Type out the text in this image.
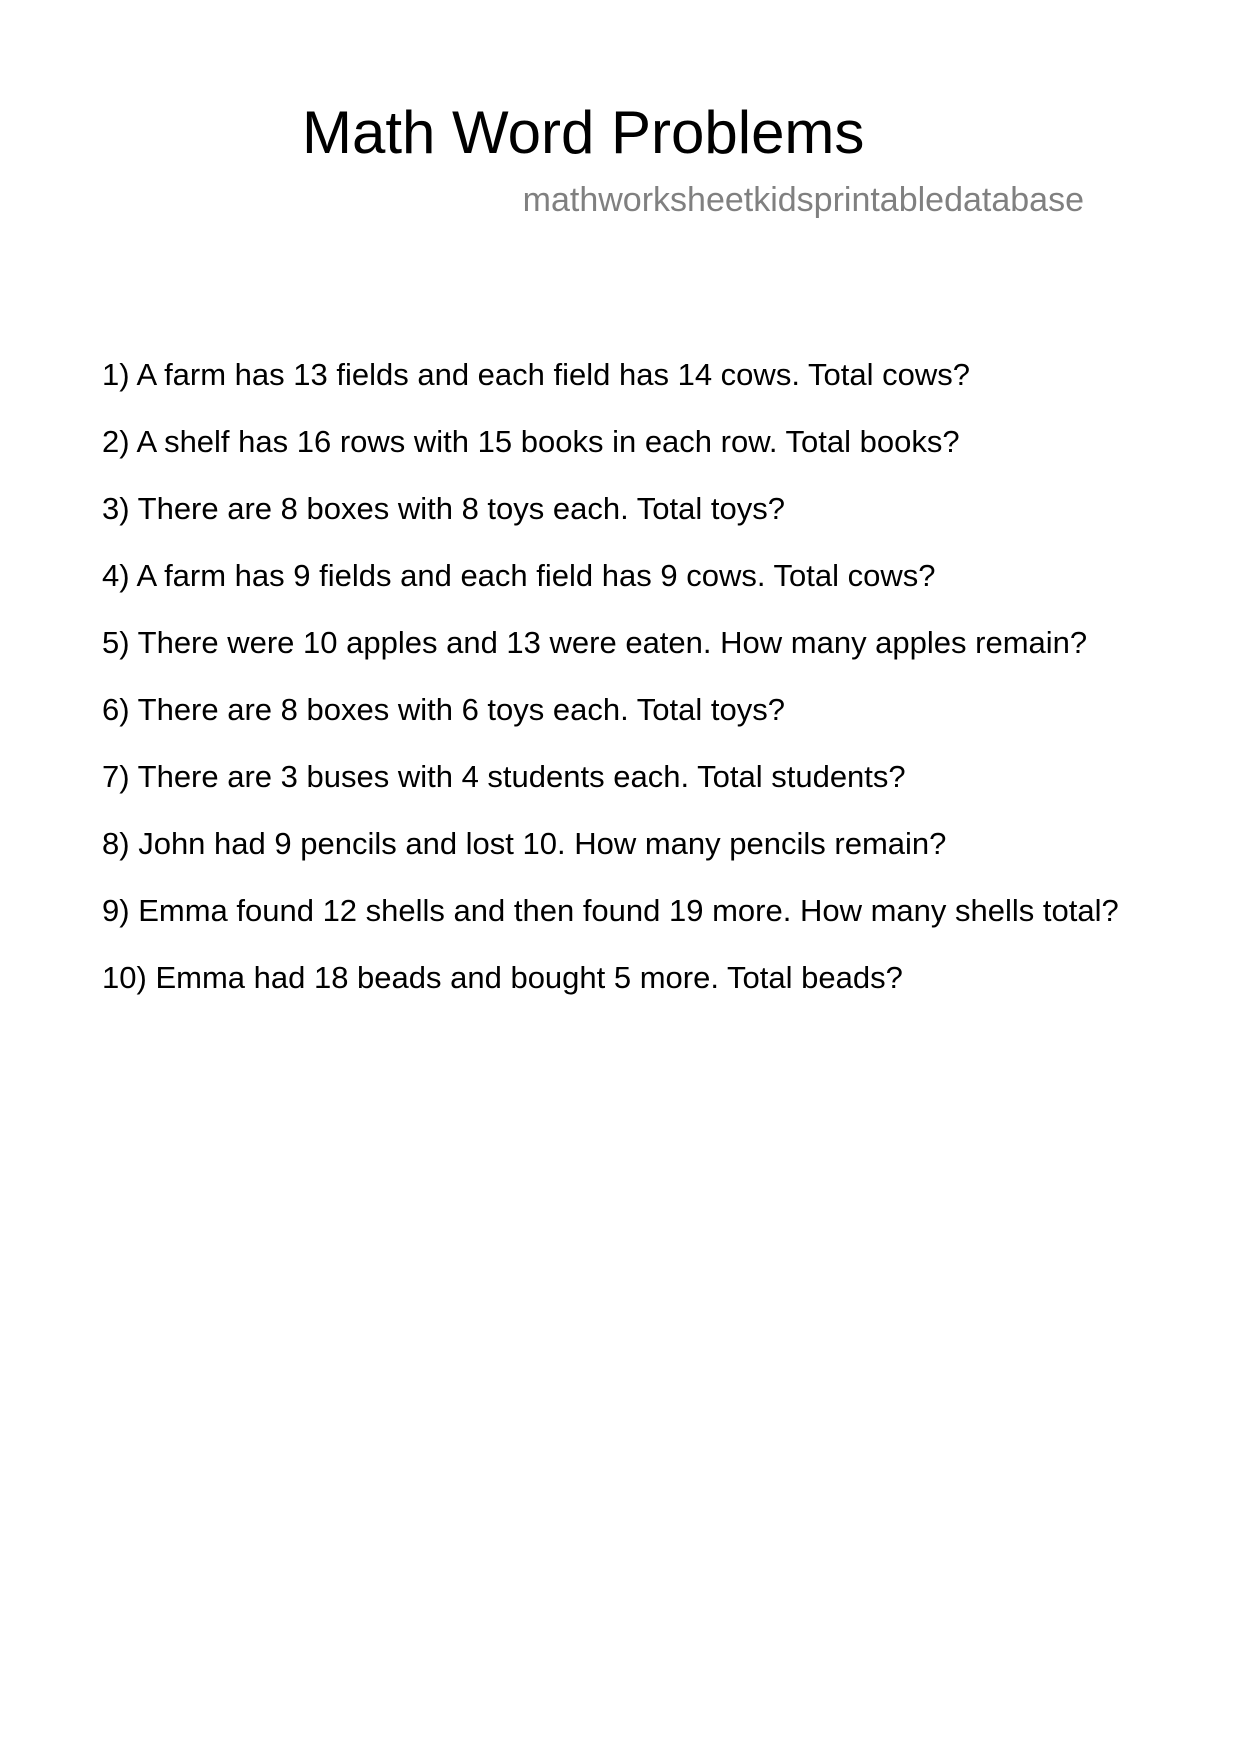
Math Word Problems
mathworksheetkidsprintabledatabase
1) A farm has 13 fields and each field has 14 cows. Total cows?
2) A shelf has 16 rows with 15 books in each row. Total books?
3) There are 8 boxes with 8 toys each. Total toys?
4) A farm has 9 fields and each field has 9 cows. Total cows?
5) There were 10 apples and 13 were eaten. How many apples remain?
6) There are 8 boxes with 6 toys each. Total toys?
7) There are 3 buses with 4 students each. Total students?
8) John had 9 pencils and lost 10. How many pencils remain?
9) Emma found 12 shells and then found 19 more. How many shells total?
10) Emma had 18 beads and bought 5 more. Total beads?
